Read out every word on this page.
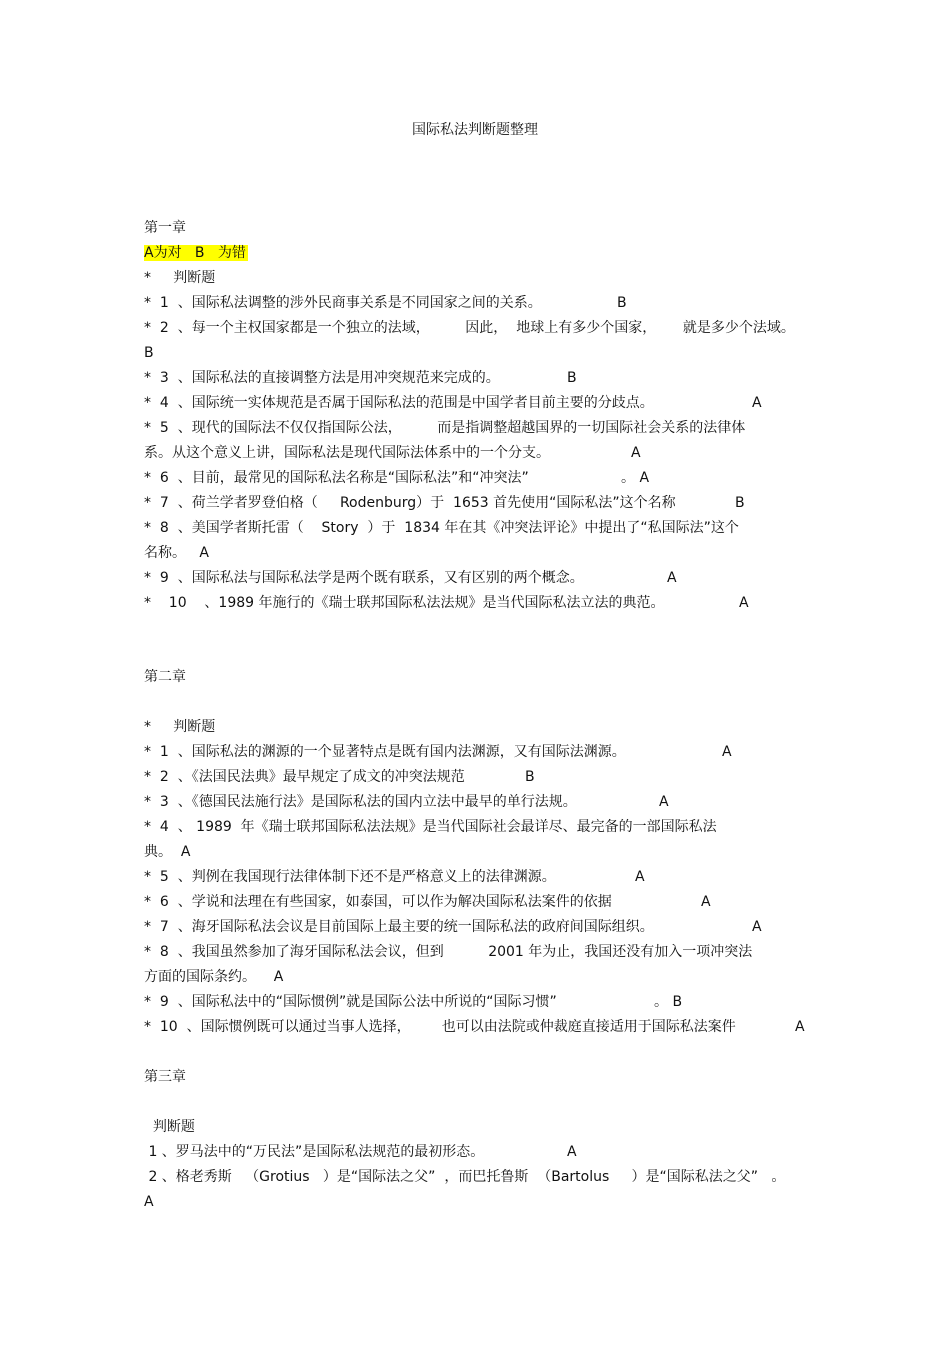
国际私法判断题整理
第一章
A为对   B   为错
*     判断题
*  1  、国际私法调整的涉外民商事关系是不同国家之间的关系。	B
*  2  、每一个主权国家都是一个独立的法域，        因此，  地球上有多少个国家，      就是多少个法域。
B
*  3  、国际私法的直接调整方法是用冲突规范来完成的。	B
*  4  、国际统一实体规范是否属于国际私法的范围是中国学者目前主要的分歧点。	A
*  5  、现代的国际法不仅仅指国际公法，        而是指调整超越国界的一切国际社会关系的法律体
系。从这个意义上讲，国际私法是现代国际法体系中的一个分支。	A
*  6  、目前，最常见的国际私法名称是“国际私法”和“冲突法”	。 A
*  7  、荷兰学者罗登伯格（     Rodenburg）于  1653 首先使用“国际私法”这个名称	B
*  8  、美国学者斯托雷（    Story  ）于  1834 年在其《冲突法评论》中提出了“私国际法”这个
名称。   A
*  9  、国际私法与国际私法学是两个既有联系，又有区别的两个概念。	A
*    10    、1989 年施行的《瑞士联邦国际私法法规》是当代国际私法立法的典范。	A
第二章
*     判断题
*  1  、国际私法的渊源的一个显著特点是既有国内法渊源，又有国际法渊源。	A
*  2  、《法国民法典》最早规定了成文的冲突法规范	B
*  3  、《德国民法施行法》是国际私法的国内立法中最早的单行法规。	A
*  4  、 1989  年《瑞士联邦国际私法法规》是当代国际社会最详尽、最完备的一部国际私法
典。  A
*  5  、判例在我国现行法律体制下还不是严格意义上的法律渊源。	A
*  6  、学说和法理在有些国家，如泰国，可以作为解决国际私法案件的依据	A
*  7  、海牙国际私法会议是目前国际上最主要的统一国际私法的政府间国际组织。	A
*  8  、我国虽然参加了海牙国际私法会议，但到          2001 年为止，我国还没有加入一项冲突法
方面的国际条约。    A
*  9  、国际私法中的“国际惯例”就是国际公法中所说的“国际习惯”	。 B
*  10  、国际惯例既可以通过当事人选择，       也可以由法院或仲裁庭直接适用于国际私法案件	A
第三章
判断题
1 、罗马法中的“万民法”是国际私法规范的最初形态。	A
2 、格老秀斯   （Grotius   ）是“国际法之父”  ，而巴托鲁斯  （Bartolus     ）是“国际私法之父”   。
A
